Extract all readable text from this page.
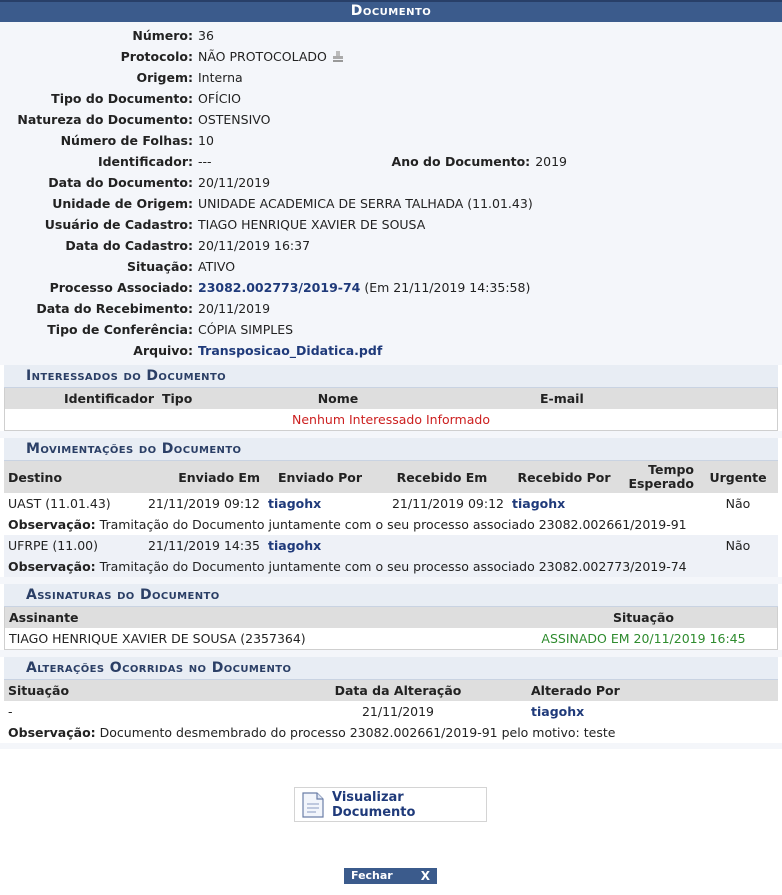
Documento
Número: 36
Protocolo: NÃO PROTOCOLADO
Origem: Interna
Tipo do Documento: OFÍCIO
Natureza do Documento: OSTENSIVO
Número de Folhas: 10
Identificador: ---	Ano do Documento: 2019
Data do Documento: 20/11/2019
Unidade de Origem: UNIDADE ACADEMICA DE SERRA TALHADA (11.01.43)
Usuário de Cadastro: TIAGO HENRIQUE XAVIER DE SOUSA
Data do Cadastro: 20/11/2019 16:37
Situação: ATIVO
Processo Associado: 23082.002773/2019-74 (Em 21/11/2019 14:35:58)
Data do Recebimento: 20/11/2019
Tipo de Conferência: CÓPIA SIMPLES
Arquivo: Transposicao_Didatica.pdf
Interessados do Documento
Identificador	Tipo	Nome	E-mail
Nenhum Interessado Informado
Movimentações do Documento
Destino	Enviado Em	Enviado Por	Recebido Em	Recebido Por	Tempo Esperado	Urgente
UAST (11.01.43)	21/11/2019 09:12	tiagohx	21/11/2019 09:12	tiagohx		Não
Observação: Tramitação do Documento juntamente com o seu processo associado 23082.002661/2019-91						
UFRPE (11.00)	21/11/2019 14:35	tiagohx				Não
Observação: Tramitação do Documento juntamente com o seu processo associado 23082.002773/2019-74						
Assinaturas do Documento
Assinante	Situação
TIAGO HENRIQUE XAVIER DE SOUSA (2357364)	ASSINADO EM 20/11/2019 16:45
Alterações Ocorridas no Documento
Situação	Data da Alteração	Alterado Por
-	21/11/2019	tiagohx
Observação: Documento desmembrado do processo 23082.002661/2019-91 pelo motivo: teste		
Visualizar Documento
Fechar X
